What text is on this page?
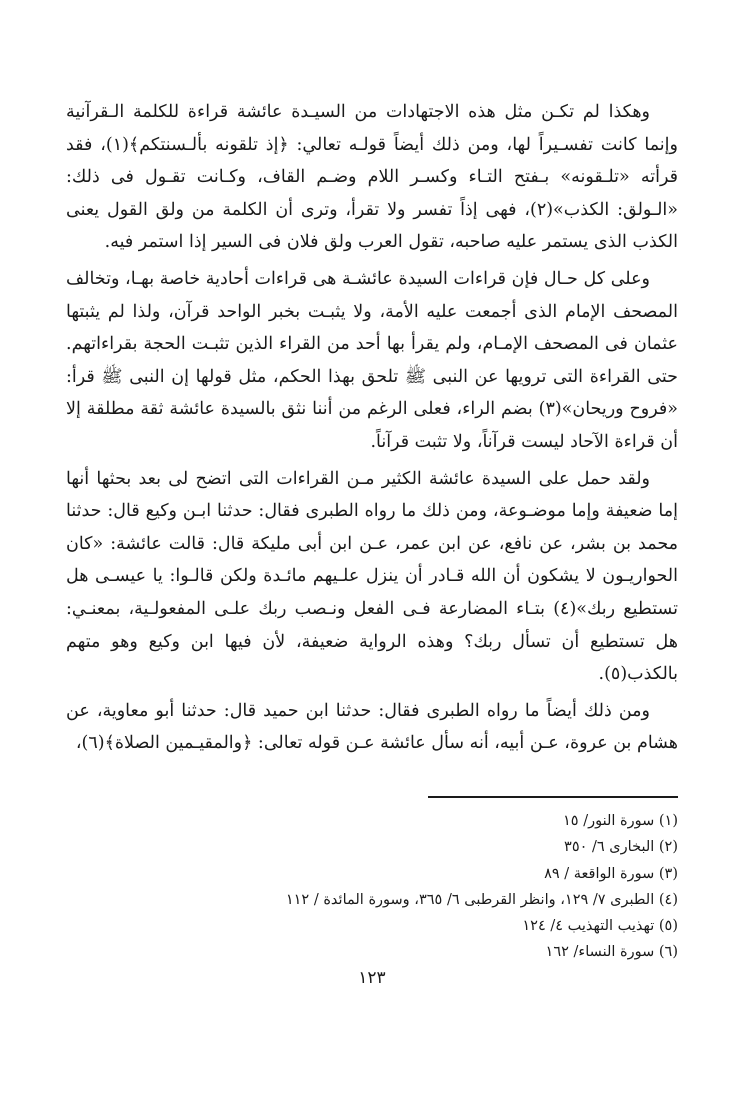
وهكذا لم تكـن مثل هذه الاجتهادات من السيـدة عائشة قراءة للكلمة الـقرآنية وإنما كانت تفسـيراً لها، ومن ذلك أيضاً قولـه تعالي: ﴿إذ تلقونه بألـسنتكم﴾(١)، فقد قرأته «تلـقونه» بـفتح التـاء وكسـر اللام وضـم القاف، وكـانت تقـول فى ذلك: «الـولق: الكذب»(٢)، فهى إذاً تفسر ولا تقرأ، وترى أن الكلمة من ولق القول يعنى الكذب الذى يستمر عليه صاحبه، تقول العرب ولق فلان فى السير إذا استمر فيه.

وعلى كل حـال فإن قراءات السيدة عائشـة هى قراءات أحادية خاصة بهـا، وتخالف المصحف الإمام الذى أجمعت عليه الأمة، ولا يثبـت بخبر الواحد قرآن، ولذا لم يثبتها عثمان فى المصحف الإمـام، ولم يقرأ بها أحد من القراء الذين تثبـت الحجة بقراءاتهم. حتى القراءة التى ترويها عن النبى ﷺ تلحق بهذا الحكم، مثل قولها إن النبى ﷺ قرأ: «فروح وريحان»(٣) بضم الراء، فعلى الرغم من أننا نثق بالسيدة عائشة ثقة مطلقة إلا أن قراءة الآحاد ليست قرآناً، ولا تثبت قرآناً.

ولقد حمل على السيدة عائشة الكثير مـن القراءات التى اتضح لى بعد بحثها أنها إما ضعيفة وإما موضـوعة، ومن ذلك ما رواه الطبرى فقال: حدثنا ابـن وكيع قال: حدثنا محمد بن بشر، عن نافع، عن ابن عمر، عـن ابن أبى مليكة قال: قالت عائشة: «كان الحواريـون لا يشكون أن الله قـادر أن ينزل علـيهم مائـدة ولكن قالـوا: يا عيسـى هل تستطيع ربك»(٤) بتـاء المضارعة فـى الفعل ونـصب ربك علـى المفعولـية، بمعنـي: هل تستطيع أن تسأل ربك؟ وهذه الرواية ضعيفة، لأن فيها ابن وكيع وهو متهم بالكذب(٥).

ومن ذلك أيضاً ما رواه الطبرى فقال: حدثنا ابن حميد قال: حدثنا أبو معاوية، عن هشام بن عروة، عـن أبيه، أنه سأل عائشة عـن قوله تعالى: ﴿والمقيـمين الصلاة﴾(٦)،

(١) سورة النور/ ١٥
(٢) البخارى ٦/ ٣٥٠
(٣) سورة الواقعة / ٨٩
(٤) الطبرى ٧/ ١٢٩، وانظر القرطبى ٦/ ٣٦٥، وسورة المائدة / ١١٢
(٥) تهذيب التهذيب ٤/ ١٢٤
(٦) سورة النساء/ ١٦٢
١٢٣
